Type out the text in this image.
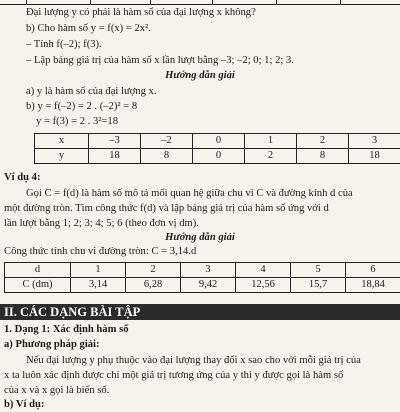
Đại lượng y có phải là hàm số của đại lượng x không?
b) Cho hàm số y = f(x) = 2x².
– Tính f(–2); f(3).
– Lập bảng giá trị của hàm số x lần lượt bằng –3; –2; 0; 1; 2; 3.
Hướng dẫn giải
a) y là hàm số của đại lượng x.
b) y = f(–2) = 2 . (–2)² = 8
y = f(3) = 2 . 3²=18
x	–3	–2	0	1	2	3
y	18	8	0	2	8	18
Ví dụ 4:
Gọi C = f(d) là hàm số mô tả mối quan hệ giữa chu vi C và đường kính d của
một đường tròn. Tìm công thức f(d) và lập bảng giá trị của hàm số ứng với d
lần lượt bằng 1; 2; 3; 4; 5; 6 (theo đơn vị dm).
Hướng dẫn giải
Công thức tính chu vi đường tròn: C = 3,14.d
d	1	2	3	4	5	6
C (dm)	3,14	6,28	9,42	12,56	15,7	18,84
II. CÁC DẠNG BÀI TẬP
1. Dạng 1: Xác định hàm số
a) Phương pháp giải:
Nếu đại lượng y phụ thuộc vào đại lượng thay đổi x sao cho với mỗi giá trị của
x ta luôn xác định được chỉ một giá trị tương ứng của y thì y được gọi là hàm số
của x và x gọi là biến số.
b) Ví dụ:
